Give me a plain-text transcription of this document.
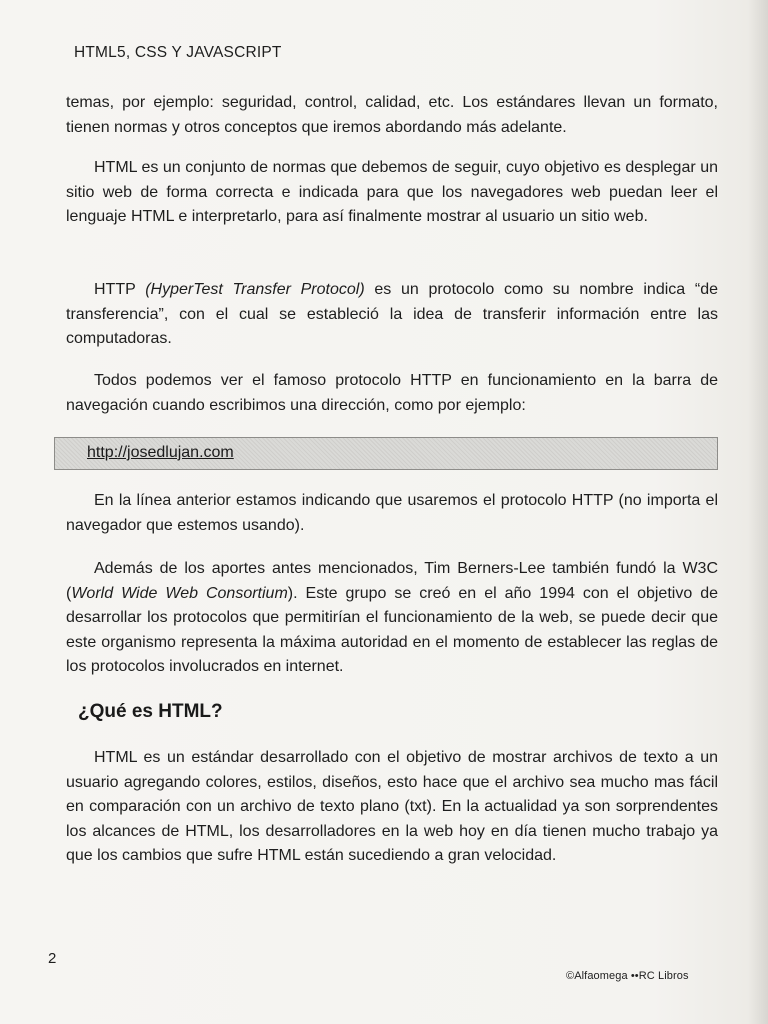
HTML5, CSS Y JAVASCRIPT

temas, por ejemplo: seguridad, control, calidad, etc. Los estándares llevan un formato, tienen normas y otros conceptos que iremos abordando más adelante.

HTML es un conjunto de normas que debemos de seguir, cuyo objetivo es desplegar un sitio web de forma correcta e indicada para que los navegadores web puedan leer el lenguaje HTML e interpretarlo, para así finalmente mostrar al usuario un sitio web.

HTTP (HyperTest Transfer Protocol) es un protocolo como su nombre indica “de transferencia”, con el cual se estableció la idea de transferir información entre las computadoras.

Todos podemos ver el famoso protocolo HTTP en funcionamiento en la barra de navegación cuando escribimos una dirección, como por ejemplo:

http://josedlujan.com

En la línea anterior estamos indicando que usaremos el protocolo HTTP (no importa el navegador que estemos usando).

Además de los aportes antes mencionados, Tim Berners-Lee también fundó la W3C (World Wide Web Consortium). Este grupo se creó en el año 1994 con el objetivo de desarrollar los protocolos que permitirían el funcionamiento de la web, se puede decir que este organismo representa la máxima autoridad en el momento de establecer las reglas de los protocolos involucrados en internet.

¿Qué es HTML?

HTML es un estándar desarrollado con el objetivo de mostrar archivos de texto a un usuario agregando colores, estilos, diseños, esto hace que el archivo sea mucho mas fácil en comparación con un archivo de texto plano (txt). En la actualidad ya son sorprendentes los alcances de HTML, los desarrolladores en la web hoy en día tienen mucho trabajo ya que los cambios que sufre HTML están sucediendo a gran velocidad.

2
©Alfaomega ••RC Libros
